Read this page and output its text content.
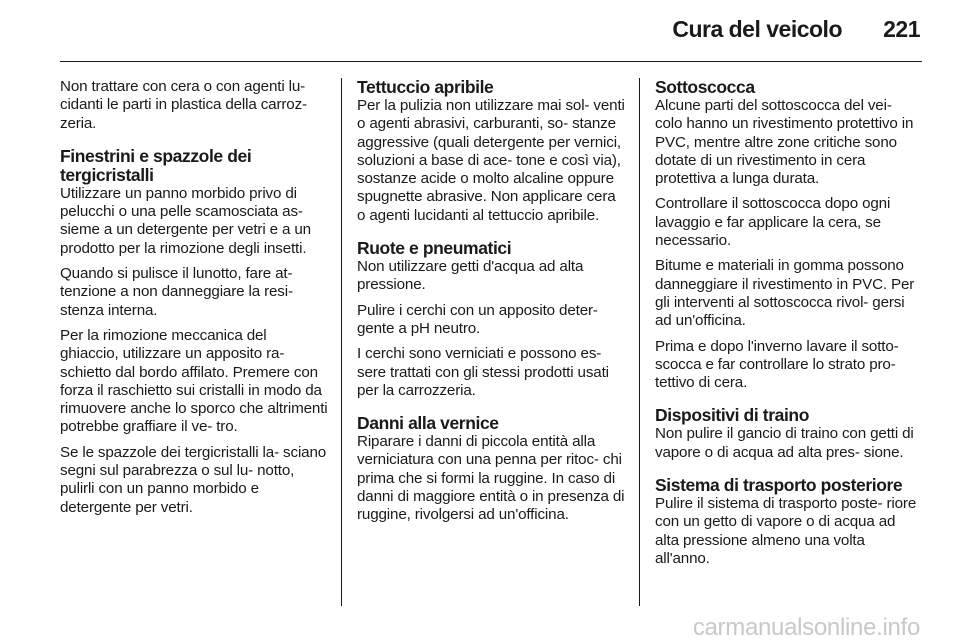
Cura del veicolo 221

Non trattare con cera o con agenti lu- cidanti le parti in plastica della carroz- zeria.

Finestrini e spazzole dei tergicristalli

Utilizzare un panno morbido privo di pelucchi o una pelle scamosciata as- sieme a un detergente per vetri e a un prodotto per la rimozione degli insetti.

Quando si pulisce il lunotto, fare at- tenzione a non danneggiare la resi- stenza interna.

Per la rimozione meccanica del ghiaccio, utilizzare un apposito ra- schietto dal bordo affilato. Premere con forza il raschietto sui cristalli in modo da rimuovere anche lo sporco che altrimenti potrebbe graffiare il ve- tro.

Se le spazzole dei tergicristalli la- sciano segni sul parabrezza o sul lu- notto, pulirli con un panno morbido e detergente per vetri.

Tettuccio apribile

Per la pulizia non utilizzare mai sol- venti o agenti abrasivi, carburanti, so- stanze aggressive (quali detergente per vernici, soluzioni a base di ace- tone e così via), sostanze acide o molto alcaline oppure spugnette abrasive. Non applicare cera o agenti lucidanti al tettuccio apribile.

Ruote e pneumatici

Non utilizzare getti d'acqua ad alta pressione.

Pulire i cerchi con un apposito deter- gente a pH neutro.

I cerchi sono verniciati e possono es- sere trattati con gli stessi prodotti usati per la carrozzeria.

Danni alla vernice

Riparare i danni di piccola entità alla verniciatura con una penna per ritoc- chi prima che si formi la ruggine. In caso di danni di maggiore entità o in presenza di ruggine, rivolgersi ad un'officina.

Sottoscocca

Alcune parti del sottoscocca del vei- colo hanno un rivestimento protettivo in PVC, mentre altre zone critiche sono dotate di un rivestimento in cera protettiva a lunga durata.

Controllare il sottoscocca dopo ogni lavaggio e far applicare la cera, se necessario.

Bitume e materiali in gomma possono danneggiare il rivestimento in PVC. Per gli interventi al sottoscocca rivol- gersi ad un'officina.

Prima e dopo l'inverno lavare il sotto- scocca e far controllare lo strato pro- tettivo di cera.

Dispositivi di traino

Non pulire il gancio di traino con getti di vapore o di acqua ad alta pres- sione.

Sistema di trasporto posteriore

Pulire il sistema di trasporto poste- riore con un getto di vapore o di acqua ad alta pressione almeno una volta all'anno.

carmanualsonline.info
